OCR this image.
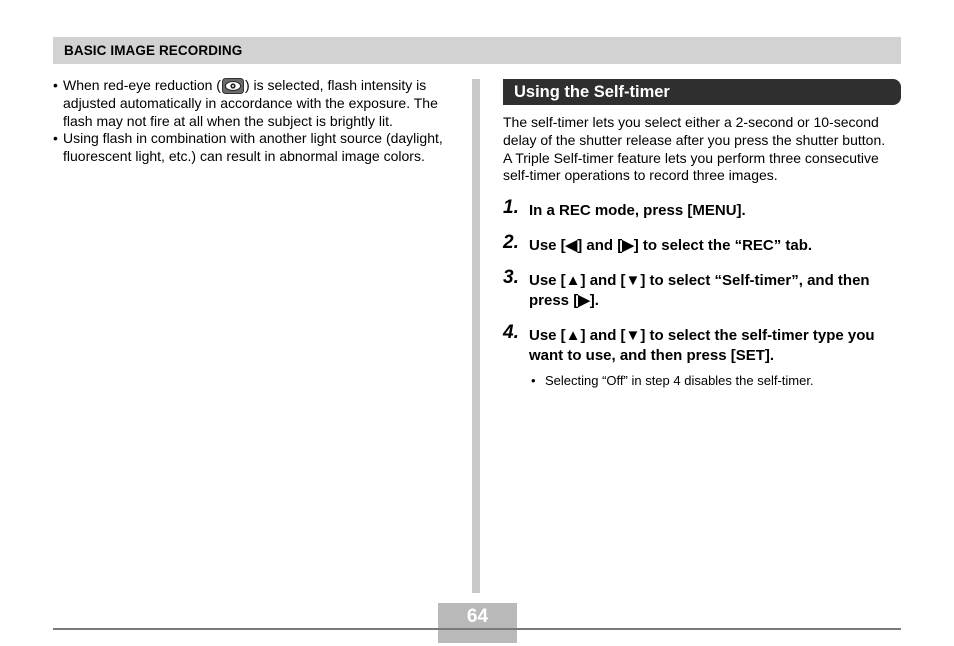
BASIC IMAGE RECORDING

• When red-eye reduction ( ) is selected, flash intensity is adjusted automatically in accordance with the exposure. The flash may not fire at all when the subject is brightly lit.

• Using flash in combination with another light source (daylight, fluorescent light, etc.) can result in abnormal image colors.

Using the Self-timer
The self-timer lets you select either a 2-second or 10-second delay of the shutter release after you press the shutter button. A Triple Self-timer feature lets you perform three consecutive self-timer operations to record three images.
1. In a REC mode, press [MENU].
2. Use [◀] and [▶] to select the “REC” tab.
3. Use [▲] and [▼] to select “Self-timer”, and then press [▶].
4. Use [▲] and [▼] to select the self-timer type you want to use, and then press [SET].
• Selecting “Off” in step 4 disables the self-timer.
64
